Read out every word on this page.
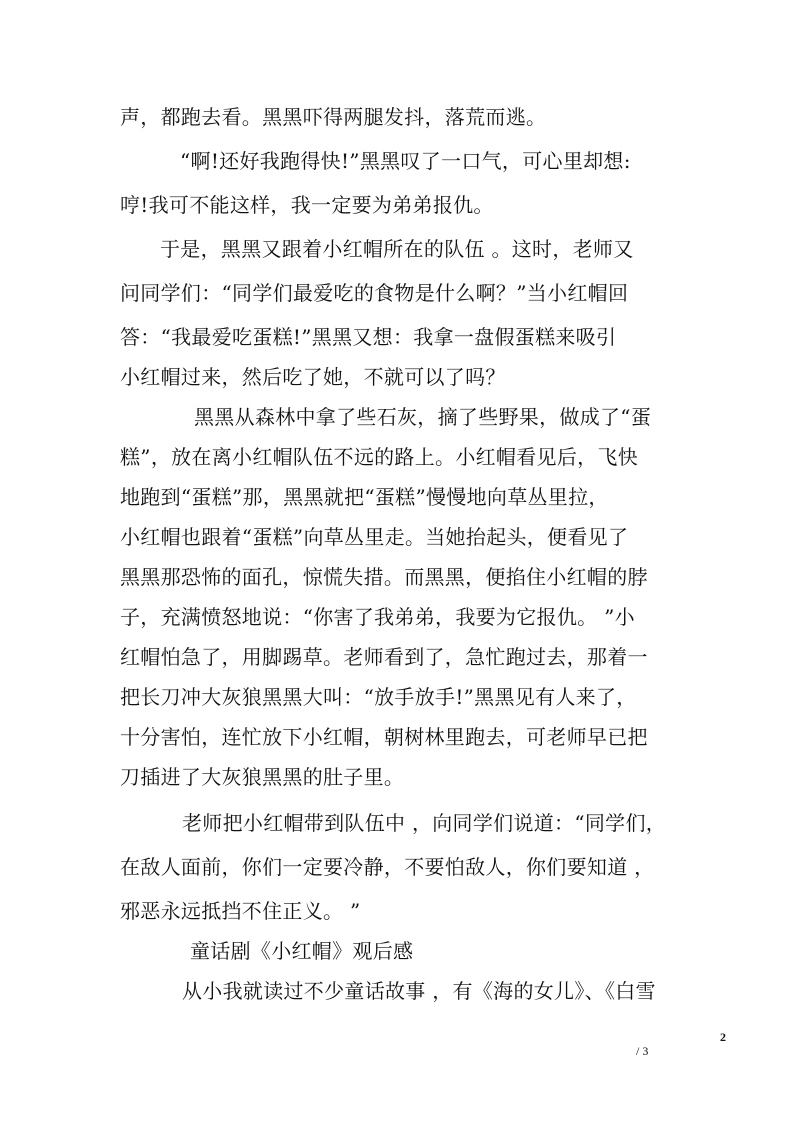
声，都跑去看。黑黑吓得两腿发抖，落荒而逃。
“啊!还好我跑得快!”黑黑叹了一口气，可心里却想:
哼!我可不能这样，我一定要为弟弟报仇。
于是，黑黑又跟着小红帽所在的队伍 。这时，老师又
问同学们：“同学们最爱吃的食物是什么啊？”当小红帽回
答：“我最爱吃蛋糕!”黑黑又想：我拿一盘假蛋糕来吸引
小红帽过来，然后吃了她，不就可以了吗？
黑黑从森林中拿了些石灰，摘了些野果，做成了“蛋
糕”，放在离小红帽队伍不远的路上。小红帽看见后，飞快
地跑到“蛋糕”那，黑黑就把“蛋糕”慢慢地向草丛里拉，
小红帽也跟着“蛋糕”向草丛里走。当她抬起头，便看见了
黑黑那恐怖的面孔，惊慌失措。而黑黑，便掐住小红帽的脖
子，充满愤怒地说：“你害了我弟弟，我要为它报仇。 ”小
红帽怕急了，用脚踢草。老师看到了，急忙跑过去，那着一
把长刀冲大灰狼黑黑大叫：“放手放手!”黑黑见有人来了，
十分害怕，连忙放下小红帽，朝树林里跑去，可老师早已把
刀插进了大灰狼黑黑的肚子里。
老师把小红帽带到队伍中 ，向同学们说道：“同学们，
在敌人面前，你们一定要冷静，不要怕敌人，你们要知道 ，
邪恶永远抵挡不住正义。 ”
童话剧《小红帽》观后感
从小我就读过不少童话故事 ，有《海的女儿》、《白雪
2
/ 3
